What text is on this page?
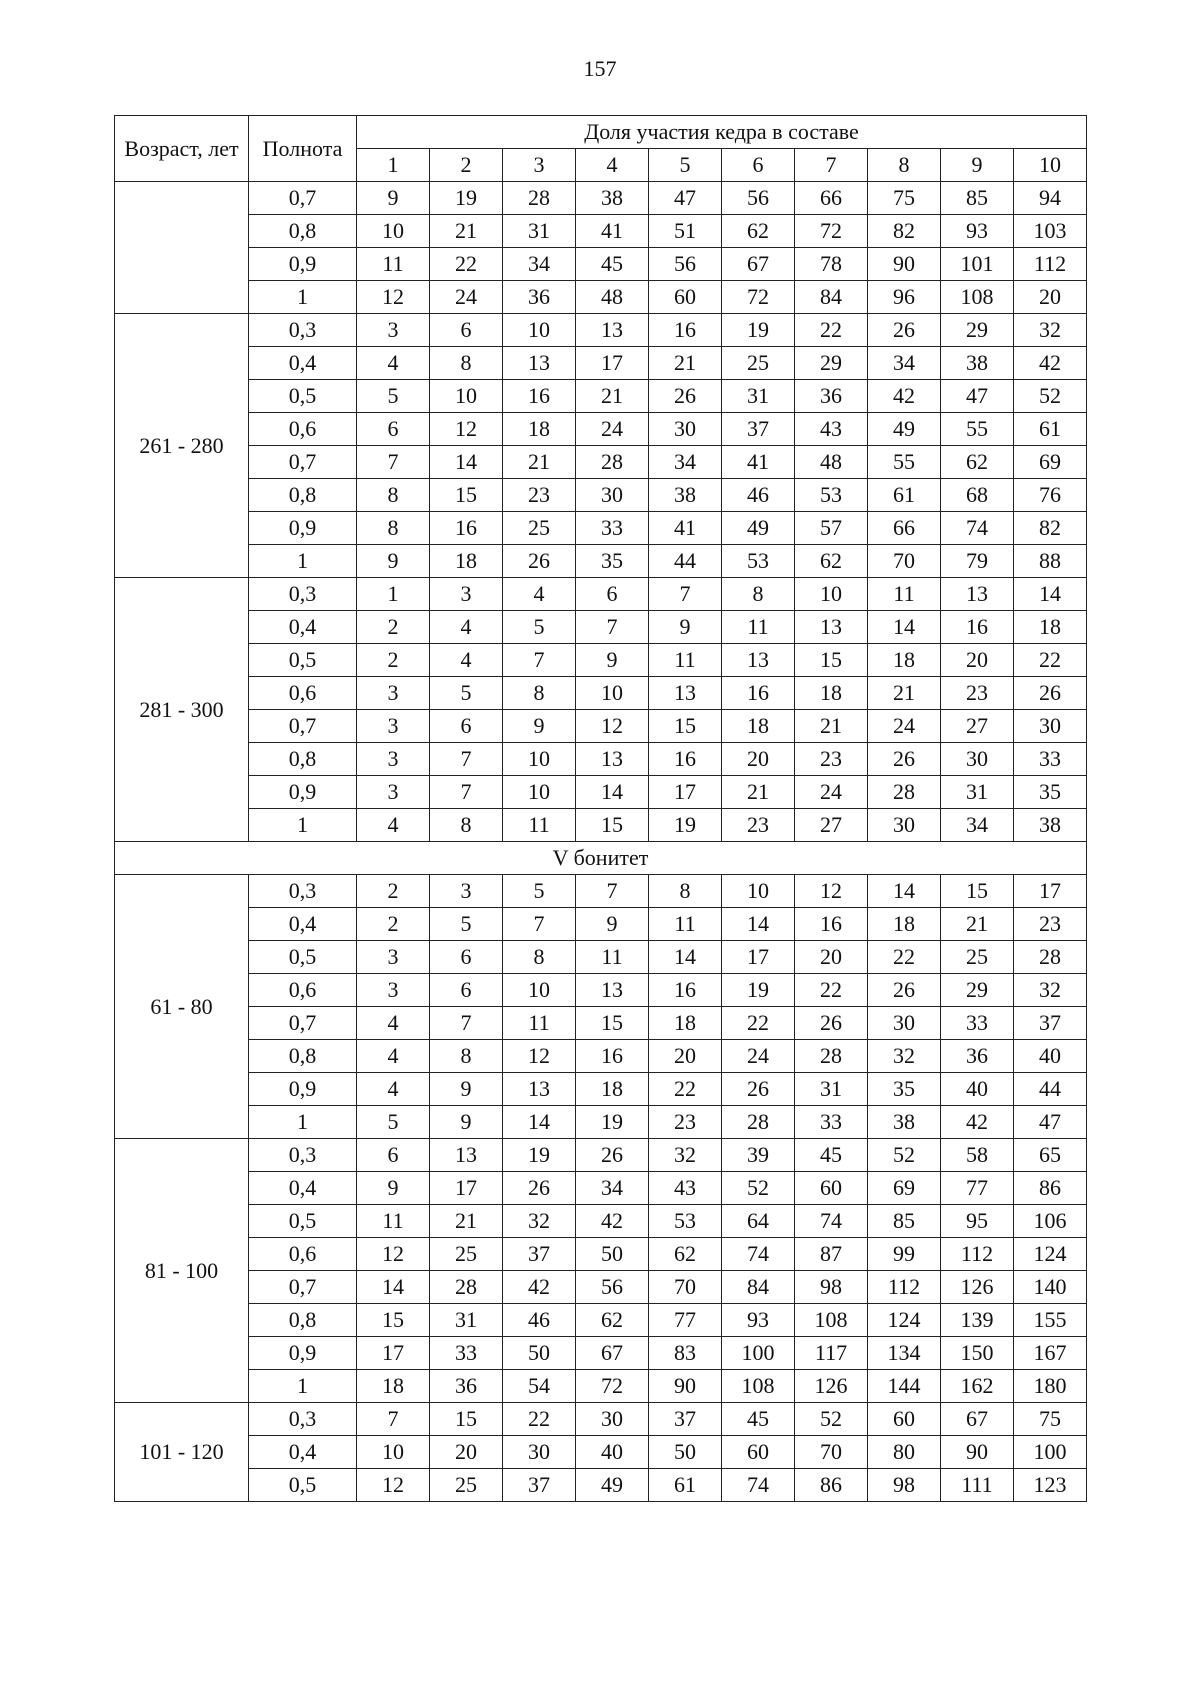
157
Возраст, лет	Полнота	Доля участия кедра в составе									
		1	2	3	4	5	6	7	8	9	10
	0,7	9	19	28	38	47	56	66	75	85	94
	0,8	10	21	31	41	51	62	72	82	93	103
	0,9	11	22	34	45	56	67	78	90	101	112
	1	12	24	36	48	60	72	84	96	108	20
261 - 280	0,3	3	6	10	13	16	19	22	26	29	32
	0,4	4	8	13	17	21	25	29	34	38	42
	0,5	5	10	16	21	26	31	36	42	47	52
	0,6	6	12	18	24	30	37	43	49	55	61
	0,7	7	14	21	28	34	41	48	55	62	69
	0,8	8	15	23	30	38	46	53	61	68	76
	0,9	8	16	25	33	41	49	57	66	74	82
	1	9	18	26	35	44	53	62	70	79	88
281 - 300	0,3	1	3	4	6	7	8	10	11	13	14
	0,4	2	4	5	7	9	11	13	14	16	18
	0,5	2	4	7	9	11	13	15	18	20	22
	0,6	3	5	8	10	13	16	18	21	23	26
	0,7	3	6	9	12	15	18	21	24	27	30
	0,8	3	7	10	13	16	20	23	26	30	33
	0,9	3	7	10	14	17	21	24	28	31	35
	1	4	8	11	15	19	23	27	30	34	38
V бонитет											
61 - 80	0,3	2	3	5	7	8	10	12	14	15	17
	0,4	2	5	7	9	11	14	16	18	21	23
	0,5	3	6	8	11	14	17	20	22	25	28
	0,6	3	6	10	13	16	19	22	26	29	32
	0,7	4	7	11	15	18	22	26	30	33	37
	0,8	4	8	12	16	20	24	28	32	36	40
	0,9	4	9	13	18	22	26	31	35	40	44
	1	5	9	14	19	23	28	33	38	42	47
81 - 100	0,3	6	13	19	26	32	39	45	52	58	65
	0,4	9	17	26	34	43	52	60	69	77	86
	0,5	11	21	32	42	53	64	74	85	95	106
	0,6	12	25	37	50	62	74	87	99	112	124
	0,7	14	28	42	56	70	84	98	112	126	140
	0,8	15	31	46	62	77	93	108	124	139	155
	0,9	17	33	50	67	83	100	117	134	150	167
	1	18	36	54	72	90	108	126	144	162	180
101 - 120	0,3	7	15	22	30	37	45	52	60	67	75
	0,4	10	20	30	40	50	60	70	80	90	100
	0,5	12	25	37	49	61	74	86	98	111	123
